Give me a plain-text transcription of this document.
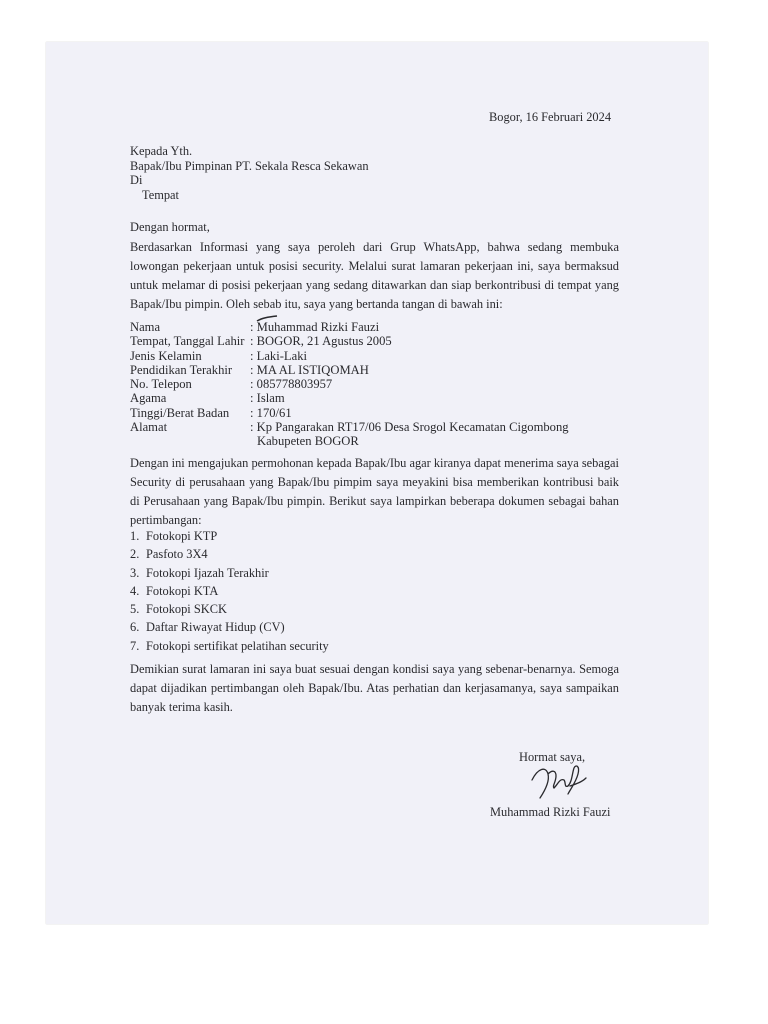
Bogor, 16 Februari 2024
Kepada Yth.
Bapak/Ibu Pimpinan PT. Sekala Resca Sekawan
Di
Tempat
Dengan hormat,
Berdasarkan Informasi yang saya peroleh dari Grup WhatsApp, bahwa sedang membuka lowongan pekerjaan untuk posisi security. Melalui surat lamaran pekerjaan ini, saya bermaksud untuk melamar di posisi pekerjaan yang sedang ditawarkan dan siap berkontribusi di tempat yang Bapak/Ibu pimpin. Oleh sebab itu, saya yang bertanda tangan di bawah ini:
Nama	: Muhammad Rizki Fauzi
Tempat, Tanggal Lahir : BOGOR, 21 Agustus 2005
Jenis Kelamin	: Laki-Laki
Pendidikan Terakhir	: MA AL ISTIQOMAH
No. Telepon	: 085778803957
Agama	: Islam
Tinggi/Berat Badan	: 170/61
Alamat	: Kp Pangarakan RT17/06 Desa Srogol Kecamatan Cigombong
Kabupeten BOGOR
Dengan ini mengajukan permohonan kepada Bapak/Ibu agar kiranya dapat menerima saya sebagai Security di perusahaan yang Bapak/Ibu pimpim saya meyakini bisa memberikan kontribusi baik di Perusahaan yang Bapak/Ibu pimpin. Berikut saya lampirkan beberapa dokumen sebagai bahan pertimbangan:
1. Fotokopi KTP
2. Pasfoto 3X4
3. Fotokopi Ijazah Terakhir
4. Fotokopi KTA
5. Fotokopi SKCK
6. Daftar Riwayat Hidup (CV)
7. Fotokopi sertifikat pelatihan security
Demikian surat lamaran ini saya buat sesuai dengan kondisi saya yang sebenar-benarnya. Semoga dapat dijadikan pertimbangan oleh Bapak/Ibu. Atas perhatian dan kerjasamanya, saya sampaikan banyak terima kasih.
Hormat saya,
Muhammad Rizki Fauzi
